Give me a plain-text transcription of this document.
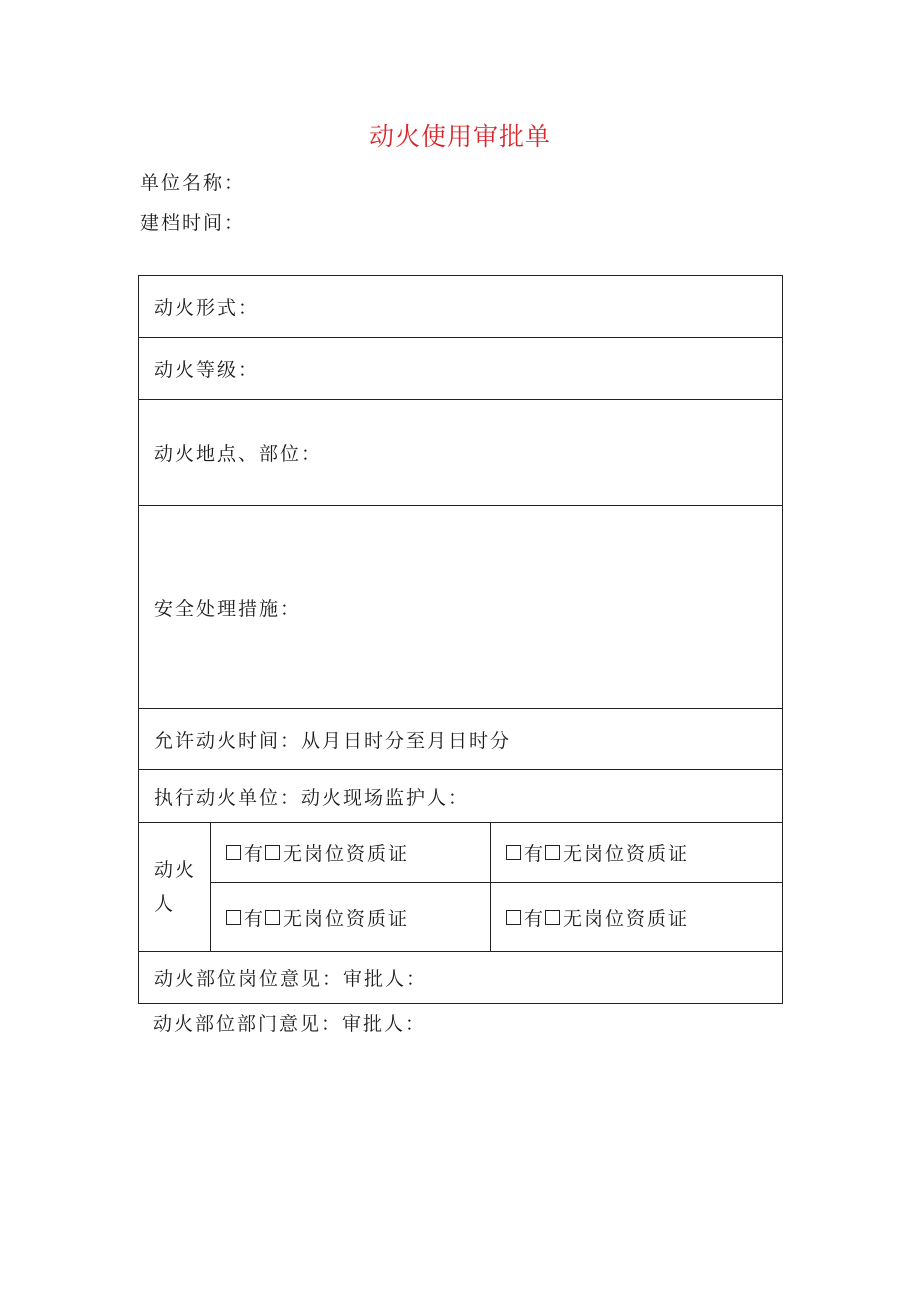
动火使用审批单
单位名称：
建档时间：
动火形式：		
动火等级：		
动火地点、部位：		
安全处理措施：		
允许动火时间：从月日时分至月日时分		
执行动火单位：动火现场监护人：		
动火
人	有 无岗位资质证	有 无岗位资质证
	有 无岗位资质证	有 无岗位资质证
动火部位岗位意见：审批人：		
动火部位部门意见：审批人：
